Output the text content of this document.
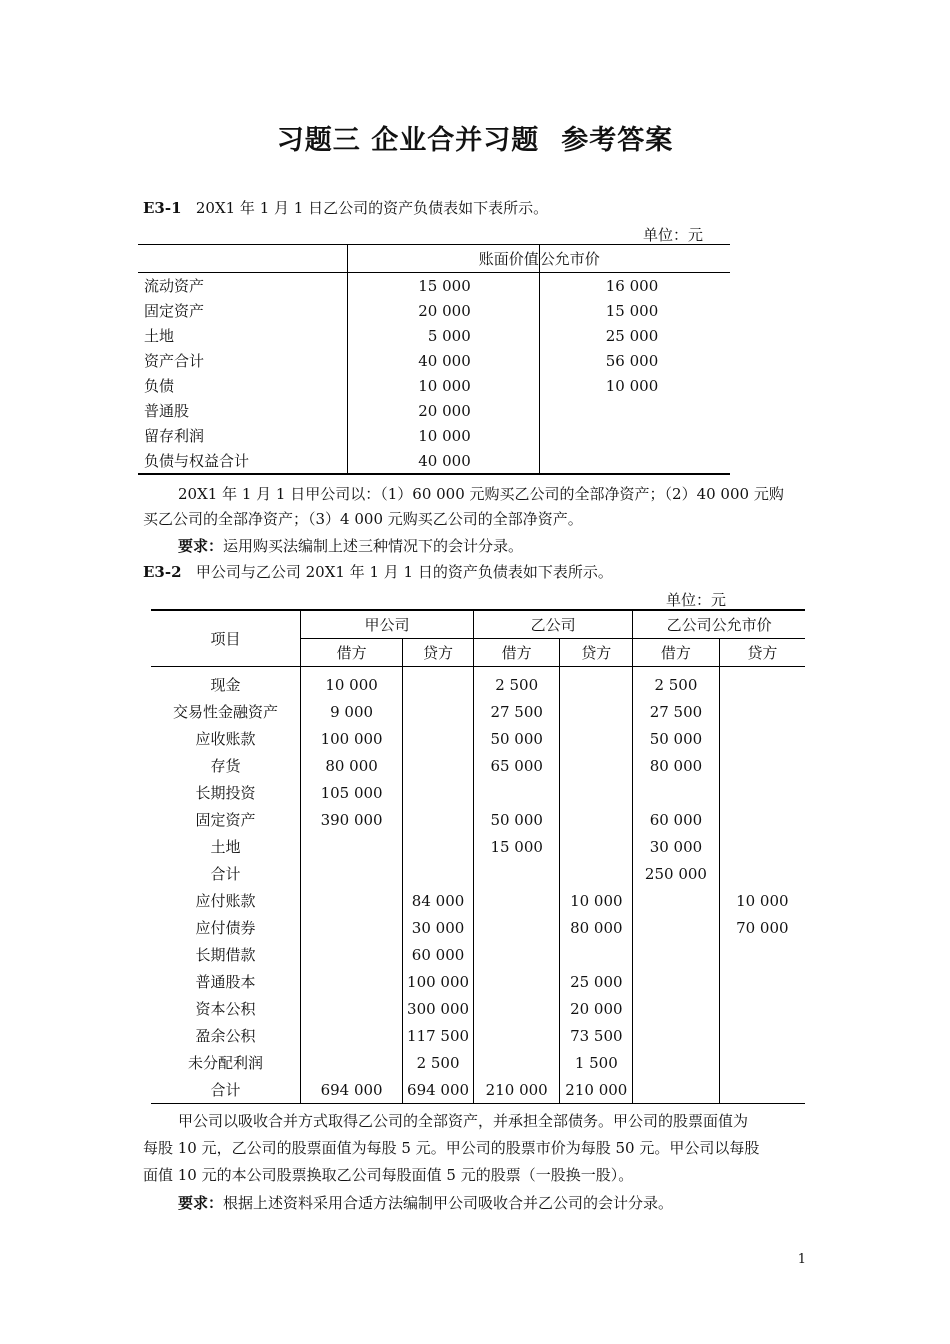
习题三 企业合并习题 参考答案
E3-1 20X1 年 1 月 1 日乙公司的资产负债表如下表所示。
单位：元
	账面价值	公允市价
流动资产	15 000	16 000
固定资产	20 000	15 000
土地	5 000	25 000
资产合计	40 000	56 000
负债	10 000	10 000
普通股	20 000	
留存利润	10 000	
负债与权益合计	40 000	
20X1 年 1 月 1 日甲公司以：（1）60 000 元购买乙公司的全部净资产；（2）40 000 元购
买乙公司的全部净资产；（3）4 000 元购买乙公司的全部净资产。
要求：运用购买法编制上述三种情况下的会计分录。
E3-2 甲公司与乙公司 20X1 年 1 月 1 日的资产负债表如下表所示。
单位：元
项目	甲公司		乙公司		乙公司公允市价	
	借方	贷方	借方	贷方	借方	贷方
现金	10 000		2 500		2 500	
交易性金融资产	9 000		27 500		27 500	
应收账款	100 000		50 000		50 000	
存货	80 000		65 000		80 000	
长期投资	105 000					
固定资产	390 000		50 000		60 000	
土地			15 000		30 000	
合计					250 000	
应付账款		84 000		10 000		10 000
应付债券		30 000		80 000		70 000
长期借款		60 000				
普通股本		100 000		25 000		
资本公积		300 000		20 000		
盈余公积		117 500		73 500		
未分配利润		2 500		1 500		
合计	694 000	694 000	210 000	210 000		
甲公司以吸收合并方式取得乙公司的全部资产，并承担全部债务。甲公司的股票面值为
每股 10 元，乙公司的股票面值为每股 5 元。甲公司的股票市价为每股 50 元。甲公司以每股
面值 10 元的本公司股票换取乙公司每股面值 5 元的股票（一股换一股）。
要求：根据上述资料采用合适方法编制甲公司吸收合并乙公司的会计分录。
1
